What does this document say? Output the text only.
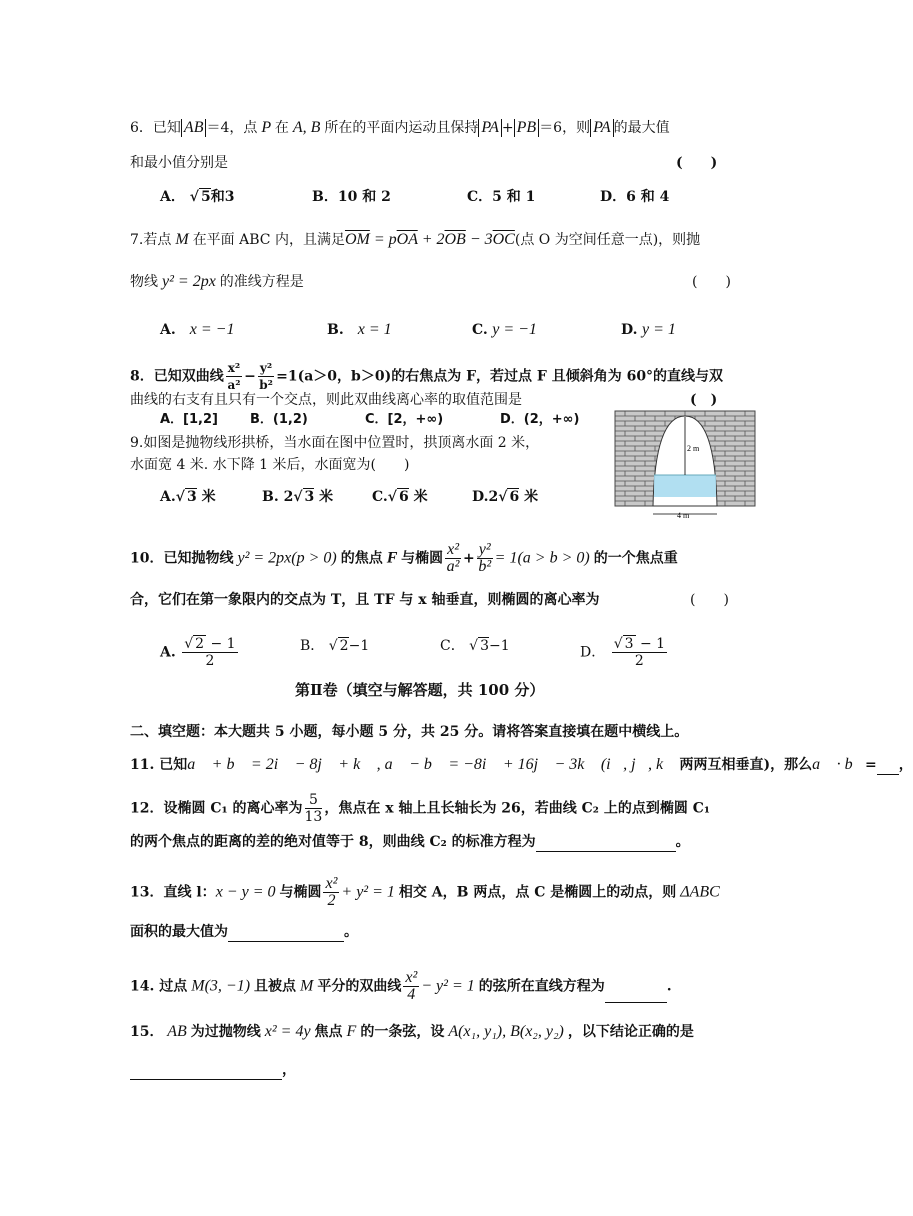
6．已知 AB ＝4，点 P 在 A, B 所在的平面内运动且保持 PA + PB ＝6，则 PA 的最大值
和最小值分别是	(　　)
A． √ 5和3	B．10 和 2	C．5 和 1	D．6 和 4
7.若点 M 在平面 ABC 内，且满足$\overline{OM} = p\overline{OA} + 2\overline{OB} - 3\overline{OC}$(点 O 为空间任意一点)，则抛
物线 y² = 2px 的准线方程是	(　　)
A.　 x = −1	B.　 x = 1	C. y = −1	D. y = 1
8．已知双曲线 $\frac{\text{x²}}{\text{a²}} - \frac{\text{y²}}{\text{b²}} =1(a>0$，b＞0)的右焦点为 F，若过点 F 且倾斜角为 60°的直线与双
曲线的右支有且只有一个交点，则此双曲线离心率的取值范围是	(　)
A．[1,2] B．(1,2)	C．[2，+∞)	D．(2，+∞)
9.如图是抛物线形拱桥，当水面在图中位置时，拱顶离水面 2 米，
水面宽 4 米. 水下降 1 米后，水面宽为(　　)
A.√ 3 米	B. 2√ 3 米	C.√ 6 米	D.2√ 6 米
2 m
4 m
10．已知抛物线 y² = 2px(p > 0) 的焦点 F 与椭圆 $\frac{\text{x²}}{\text{a²}} + \frac{\text{y²}}{\text{b²}} = 1(a > b > 0)$ 的一个焦点重
合，它们在第一象限内的交点为 T，且 TF 与 x 轴垂直，则椭圆的离心率为	(　　)
A. $\frac{√ 2 - 1}{2}$	B． √ 2−1	C． √ 3−1	D． $\frac{√ 3 - 1}{2}$
第Ⅱ卷（填空与解答题，共 100 分）
二、填空题：本大题共 5 小题，每小题 5 分，共 25 分。请将答案直接填在题中横线上。
11. 已知a⃗ + b⃗ = 2i⃗ − 8j⃗ + k⃗ , a⃗ − b⃗ = −8i⃗ + 16j⃗ − 3k⃗ (i⃗, j⃗, k⃗ 两两互相垂直)，那么a⃗ · b⃗= ，
12．设椭圆 C₁ 的离心率为 $\frac{5}{13}$ ，焦点在 x 轴上且长轴长为 26，若曲线 C₂ 上的点到椭圆 C₁
的两个焦点的距离的差的绝对值等于 8，则曲线 C₂ 的标准方程为	。
13．直线 l：x − y = 0 与椭圆 $\frac{\text{x²}}{2} + y^2 = 1$ 相交 A，B 两点，点 C 是椭圆上的动点，则 ΔABC
面积的最大值为	。
14. 过点 M(3, −1) 且被点 M 平分的双曲线 $\frac{\text{x²}}{4} - y^2 = 1$ 的弦所在直线方程为	.
15． AB 为过抛物线 x² = 4y 焦点 F 的一条弦，设 A(x₁, y₁), B(x₂, y₂) ，以下结论正确的是
，
